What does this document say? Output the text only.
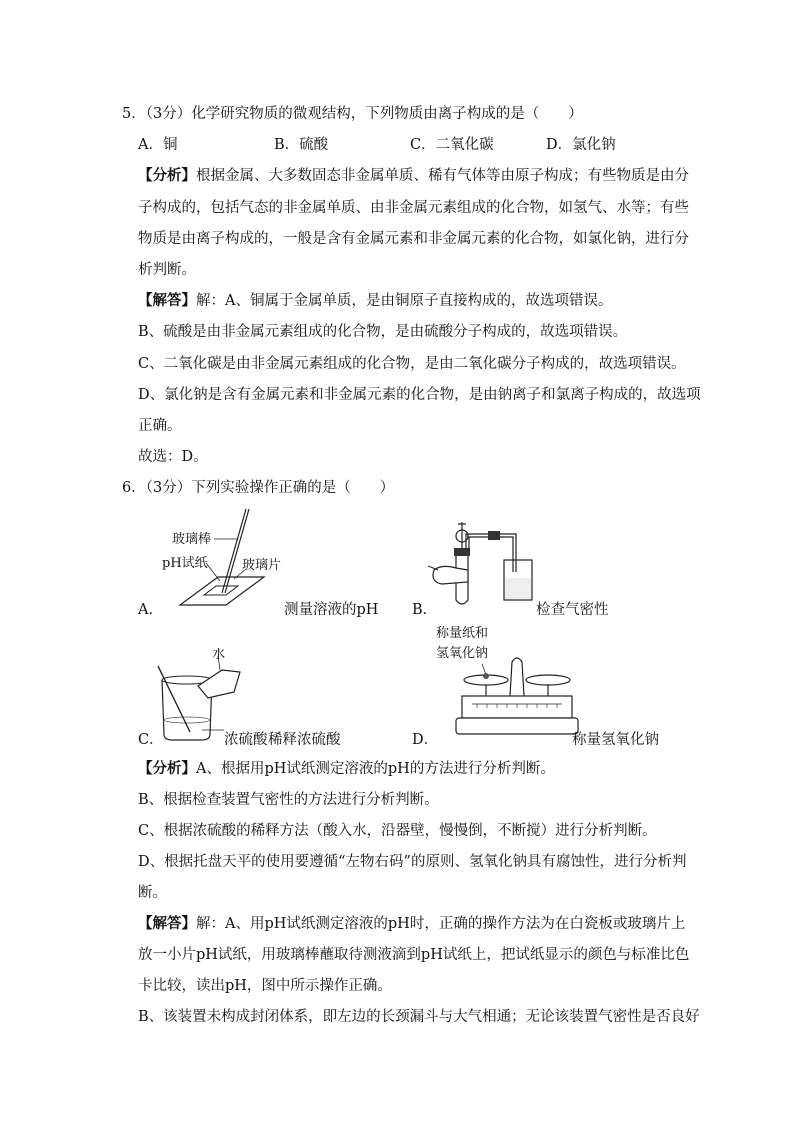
5．（3分）化学研究物质的微观结构，下列物质由离子构成的是（　　）
A．铜	B．硫酸	C．二氧化碳	D．氯化钠
【分析】根据金属、大多数固态非金属单质、稀有气体等由原子构成；有些物质是由分
子构成的，包括气态的非金属单质、由非金属元素组成的化合物，如氢气、水等；有些
物质是由离子构成的，一般是含有金属元素和非金属元素的化合物，如氯化钠，进行分
析判断。
【解答】解：A、铜属于金属单质，是由铜原子直接构成的，故选项错误。
B、硫酸是由非金属元素组成的化合物，是由硫酸分子构成的，故选项错误。
C、二氧化碳是由非金属元素组成的化合物，是由二氧化碳分子构成的，故选项错误。
D、氯化钠是含有金属元素和非金属元素的化合物，是由钠离子和氯离子构成的，故选项
正确。
故选：D。
6．（3分）下列实验操作正确的是（　　）
玻璃棒
pH试纸	玻璃片
A．	测量溶液的pH B．	检查气密性
水
C．	浓硫酸 稀释浓硫酸
称量纸和
氢氧化钠
D．	称量氢氧化钠
【分析】A、根据用pH试纸测定溶液的pH的方法进行分析判断。
B、根据检查装置气密性的方法进行分析判断。
C、根据浓硫酸的稀释方法（酸入水，沿器壁，慢慢倒，不断搅）进行分析判断。
D、根据托盘天平的使用要遵循“左物右码”的原则、氢氧化钠具有腐蚀性，进行分析判
断。
【解答】解：A、用pH试纸测定溶液的pH时，正确的操作方法为在白瓷板或玻璃片上
放一小片pH试纸，用玻璃棒蘸取待测液滴到pH试纸上，把试纸显示的颜色与标准比色
卡比较，读出pH，图中所示操作正确。
B、该装置未构成封闭体系，即左边的长颈漏斗与大气相通；无论该装置气密性是否良好
